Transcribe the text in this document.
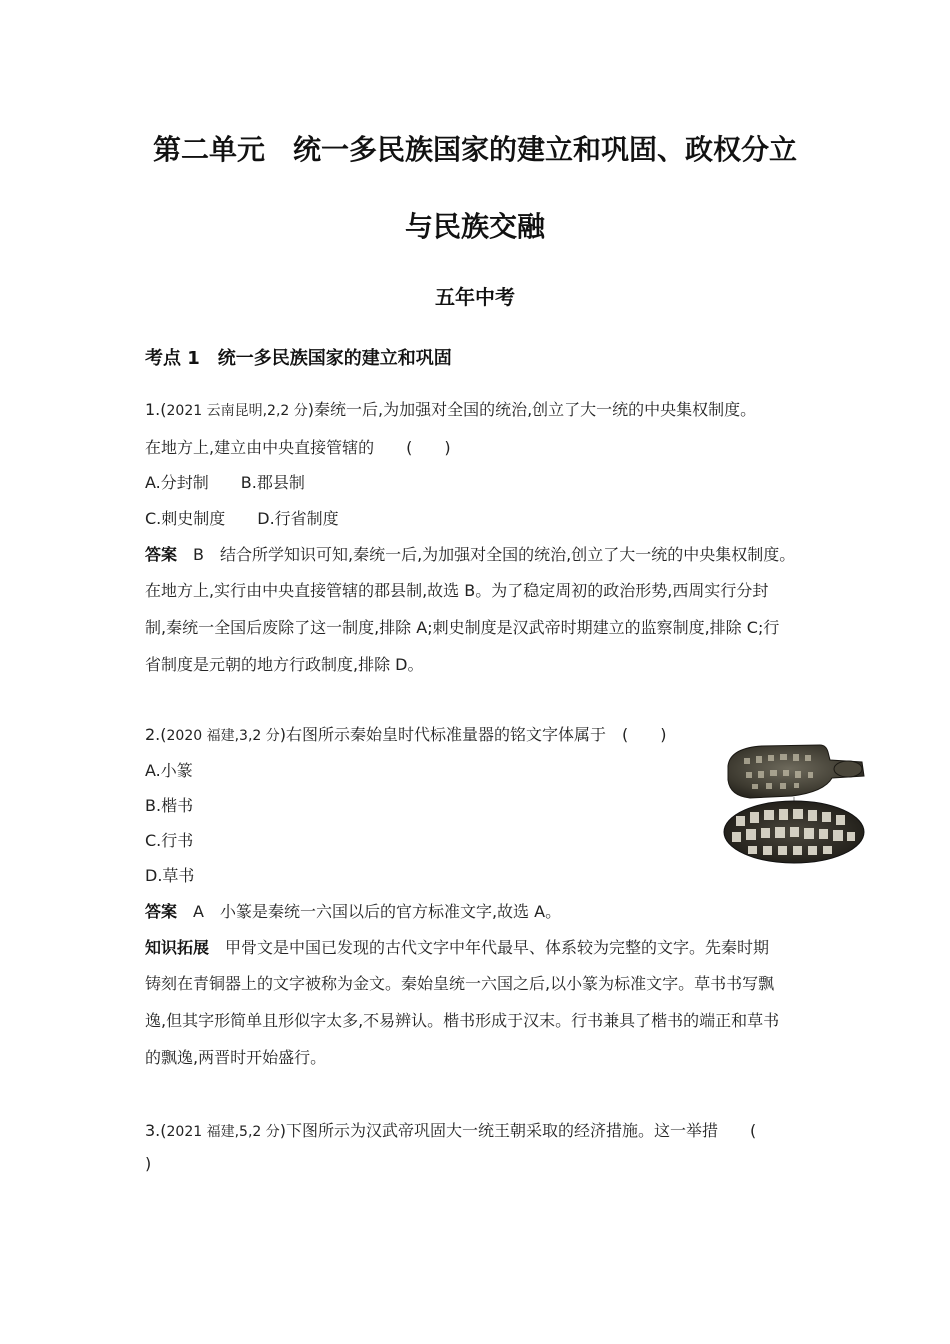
第二单元　统一多民族国家的建立和巩固、政权分立
与民族交融
五年中考
考点 1　统一多民族国家的建立和巩固
1.(2021 云南昆明,2,2 分)秦统一后,为加强对全国的统治,创立了大一统的中央集权制度。
在地方上,建立由中央直接管辖的　　(　　)
A.分封制　　B.郡县制
C.刺史制度　　D.行省制度
答案　B　结合所学知识可知,秦统一后,为加强对全国的统治,创立了大一统的中央集权制度。
在地方上,实行由中央直接管辖的郡县制,故选 B。为了稳定周初的政治形势,西周实行分封
制,秦统一全国后废除了这一制度,排除 A;刺史制度是汉武帝时期建立的监察制度,排除 C;行
省制度是元朝的地方行政制度,排除 D。
2.(2020 福建,3,2 分)右图所示秦始皇时代标准量器的铭文字体属于　(　　)
A.小篆
B.楷书
C.行书
D.草书
答案　A　小篆是秦统一六国以后的官方标准文字,故选 A。
知识拓展　甲骨文是中国已发现的古代文字中年代最早、体系较为完整的文字。先秦时期
铸刻在青铜器上的文字被称为金文。秦始皇统一六国之后,以小篆为标准文字。草书书写飘
逸,但其字形简单且形似字太多,不易辨认。楷书形成于汉末。行书兼具了楷书的端正和草书
的飘逸,两晋时开始盛行。
3.(2021 福建,5,2 分)下图所示为汉武帝巩固大一统王朝采取的经济措施。这一举措　　(
)
